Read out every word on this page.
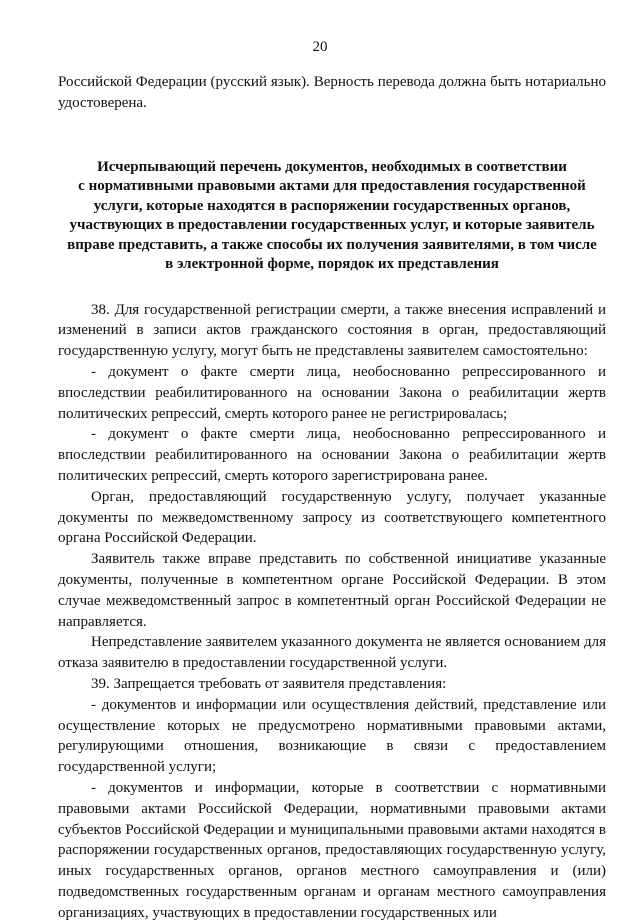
20

Российской Федерации (русский язык). Верность перевода должна быть нотариально удостоверена.

Исчерпывающий перечень документов, необходимых в соответствии
с нормативными правовыми актами для предоставления государственной
услуги, которые находятся в распоряжении государственных органов,
участвующих в предоставлении государственных услуг, и которые заявитель
вправе представить, а также способы их получения заявителями, в том числе
в электронной форме, порядок их представления

38. Для государственной регистрации смерти, а также внесения исправлений и изменений в записи актов гражданского состояния в орган, предоставляющий государственную услугу, могут быть не представлены заявителем самостоятельно:

- документ о факте смерти лица, необоснованно репрессированного и впоследствии реабилитированного на основании Закона о реабилитации жертв политических репрессий, смерть которого ранее не регистрировалась;

- документ о факте смерти лица, необоснованно репрессированного и впоследствии реабилитированного на основании Закона о реабилитации жертв политических репрессий, смерть которого зарегистрирована ранее.

Орган, предоставляющий государственную услугу, получает указанные документы по межведомственному запросу из соответствующего компетентного органа Российской Федерации.

Заявитель также вправе представить по собственной инициативе указанные документы, полученные в компетентном органе Российской Федерации. В этом случае межведомственный запрос в компетентный орган Российской Федерации не направляется.

Непредставление заявителем указанного документа не является основанием для отказа заявителю в предоставлении государственной услуги.

39. Запрещается требовать от заявителя представления:

- документов и информации или осуществления действий, представление или осуществление которых не предусмотрено нормативными правовыми актами, регулирующими отношения, возникающие в связи с предоставлением государственной услуги;

- документов и информации, которые в соответствии с нормативными правовыми актами Российской Федерации, нормативными правовыми актами субъектов Российской Федерации и муниципальными правовыми актами находятся в распоряжении государственных органов, предоставляющих государственную услугу, иных государственных органов, органов местного самоуправления и (или) подведомственных государственным органам и органам местного самоуправления организациях, участвующих в предоставлении государственных или
